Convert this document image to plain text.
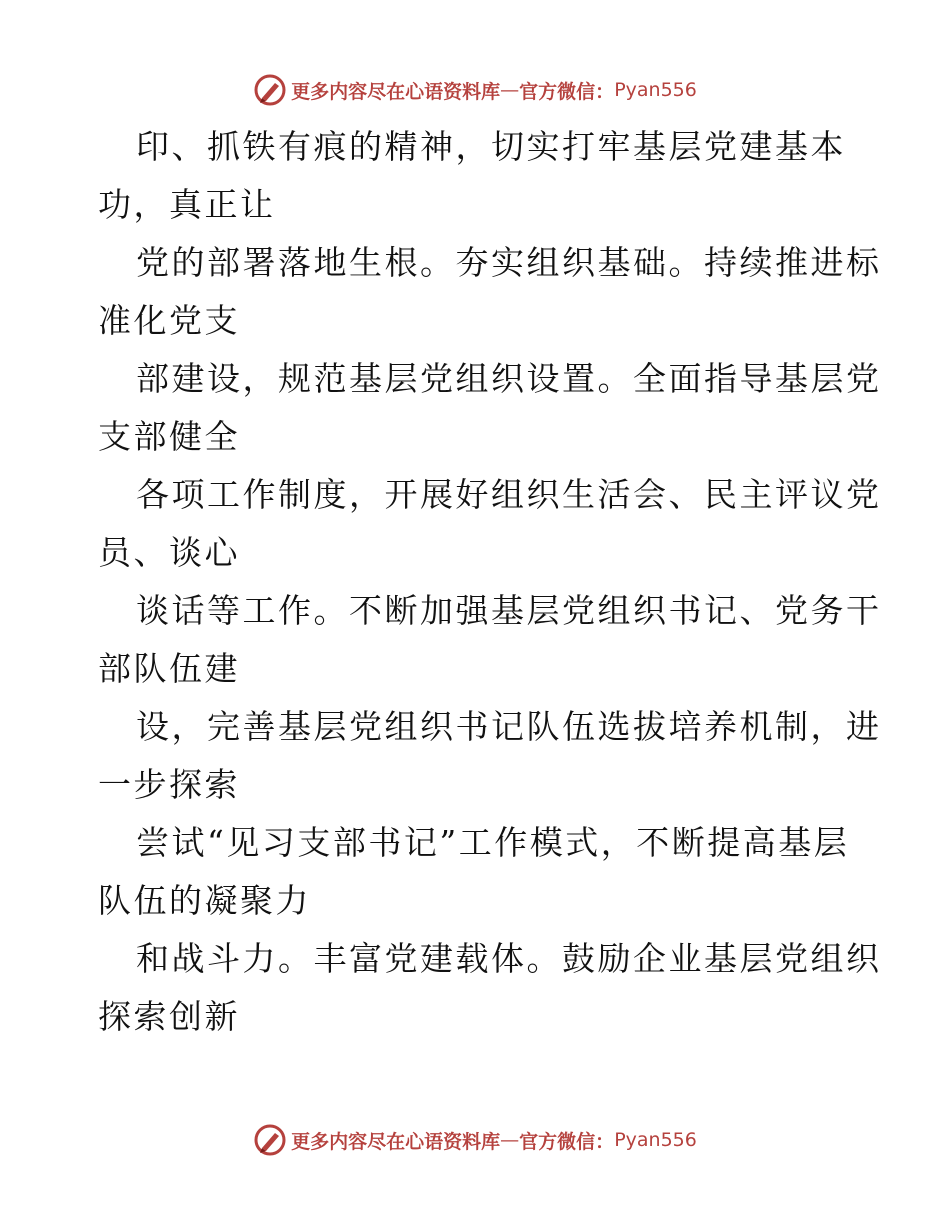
更多内容尽在心语资料库 — 官方微信： Pyan556
印、抓铁有痕的精神，切实打牢基层党建基本
功，真正让
党的部署落地生根。夯实组织基础。持续推进标
准化党支
部建设，规范基层党组织设置。全面指导基层党
支部健全
各项工作制度，开展好组织生活会、民主评议党
员、谈心
谈话等工作。不断加强基层党组织书记、党务干
部队伍建
设，完善基层党组织书记队伍选拔培养机制，进
一步探索
尝试“见习支部书记”工作模式，不断提高基层
队伍的凝聚力
和战斗力。丰富党建载体。鼓励企业基层党组织
探索创新
更多内容尽在心语资料库 — 官方微信： Pyan556
